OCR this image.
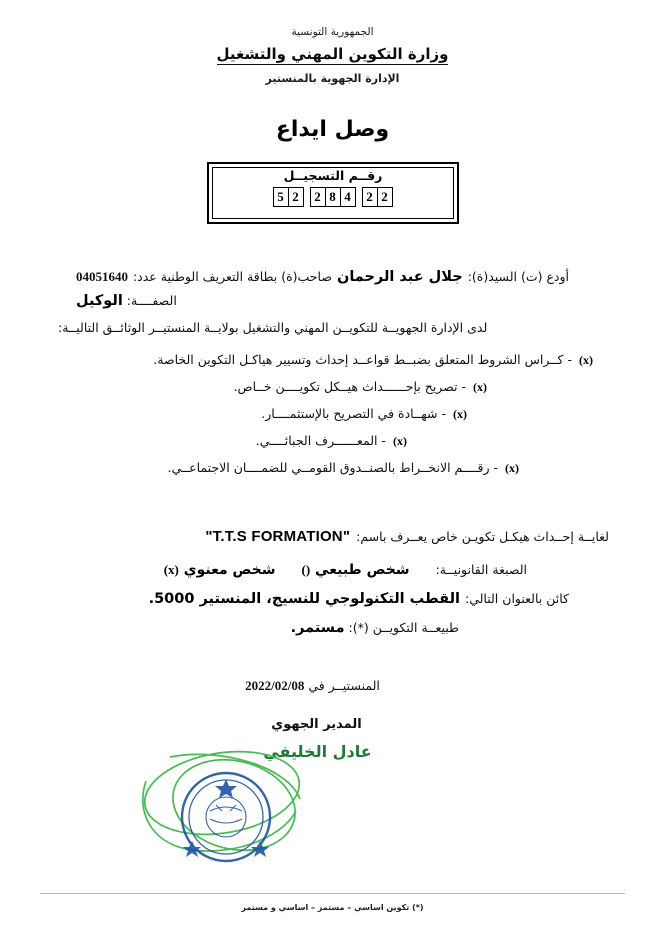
الجمهورية التونسية
وزارة التكوين المهني والتشغيل
الإدارة الجهوية بالمنستير
وصل ايداع
رقــم التسجيــل
5 2	2 8 4	2 2
أودع (ت) السيد(ة):
جلال عبد الرحمان
صاحب(ة) بطاقة التعريف الوطنية عدد:
04051640
الصفــــة: الوكيل
لدى الإدارة الجهويــة للتكويــن المهني والتشغيل بولايــة المنستيــر الوثائــق التاليــة:
(x)
- كــراس الشروط المتعلق بضبــط قواعــد إحداث وتسيير هياكـل التكوين الخاصة.
(x)
- تصريح بإحــــــداث هيــكل تكويــــن خــاص.
(x)
- شهــادة في التصريح بالإستثمــــار.
(x)
- المعــــــرف الجبائــــي.
(x)
- رقــــم الانخــراط بالصنــدوق القومــي للضمــــان الاجتماعــي.
لغايــة إحــداث هيكـل تكويـن خاص يعــرف باسم:
"T.T.S FORMATION"
الصبغة القانونيــة:
شخص طبيعي ()
شخص معنوي (x)
كائن بالعنوان التالي:
القطب التكنولوجي للنسيج، المنستير 5000.
طبيعــة التكويــن (*):
مستمر.
المنستيــر في 2022/02/08
المدير الجهوي
عادل الخليفي
(*) تكوين اساسي – مستمر – اساسي و مستمر
